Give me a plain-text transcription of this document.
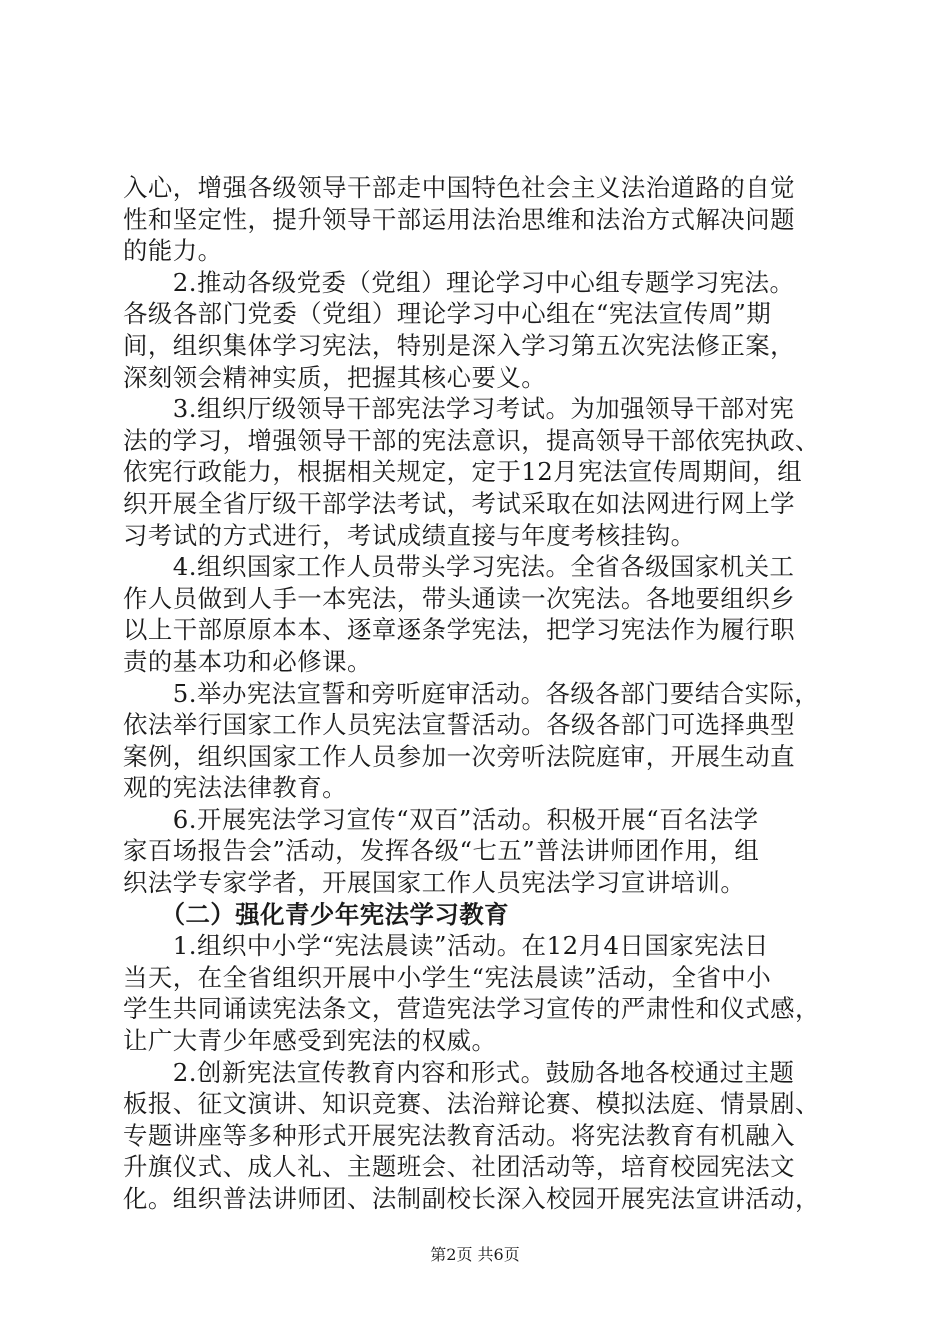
入心，增强各级领导干部走中国特色社会主义法治道路的自觉
性和坚定性，提升领导干部运用法治思维和法治方式解决问题
的能力。
　　2.推动各级党委（党组）理论学习中心组专题学习宪法。
各级各部门党委（党组）理论学习中心组在“宪法宣传周”期
间，组织集体学习宪法，特别是深入学习第五次宪法修正案，
深刻领会精神实质，把握其核心要义。
　　3.组织厅级领导干部宪法学习考试。为加强领导干部对宪
法的学习，增强领导干部的宪法意识，提高领导干部依宪执政、
依宪行政能力，根据相关规定，定于12月宪法宣传周期间，组
织开展全省厅级干部学法考试，考试采取在如法网进行网上学
习考试的方式进行，考试成绩直接与年度考核挂钩。
　　4.组织国家工作人员带头学习宪法。全省各级国家机关工
作人员做到人手一本宪法，带头通读一次宪法。各地要组织乡
以上干部原原本本、逐章逐条学宪法，把学习宪法作为履行职
责的基本功和必修课。
　　5.举办宪法宣誓和旁听庭审活动。各级各部门要结合实际，
依法举行国家工作人员宪法宣誓活动。各级各部门可选择典型
案例，组织国家工作人员参加一次旁听法院庭审，开展生动直
观的宪法法律教育。
　　6.开展宪法学习宣传“双百”活动。积极开展“百名法学
家百场报告会”活动，发挥各级“七五”普法讲师团作用，组
织法学专家学者，开展国家工作人员宪法学习宣讲培训。
　　（二）强化青少年宪法学习教育
　　1.组织中小学“宪法晨读”活动。在12月4日国家宪法日
当天，在全省组织开展中小学生“宪法晨读”活动，全省中小
学生共同诵读宪法条文，营造宪法学习宣传的严肃性和仪式感，
让广大青少年感受到宪法的权威。
　　2.创新宪法宣传教育内容和形式。鼓励各地各校通过主题
板报、征文演讲、知识竞赛、法治辩论赛、模拟法庭、情景剧、
专题讲座等多种形式开展宪法教育活动。将宪法教育有机融入
升旗仪式、成人礼、主题班会、社团活动等，培育校园宪法文
化。组织普法讲师团、法制副校长深入校园开展宪法宣讲活动，
第2页 共6页
